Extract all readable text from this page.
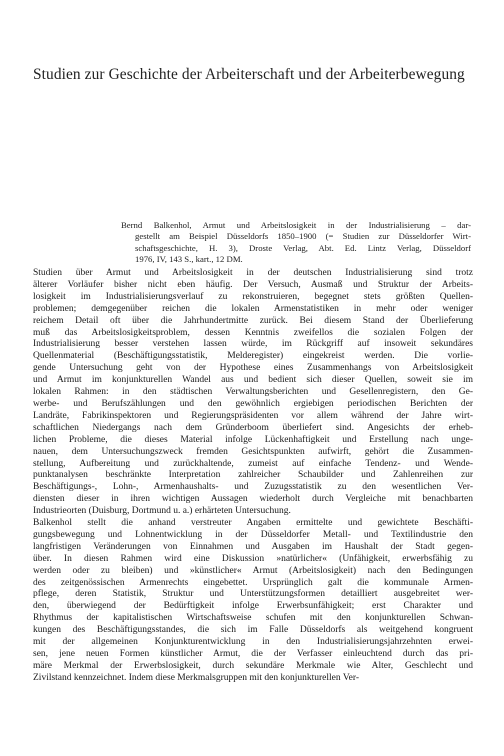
Studien zur Geschichte der Arbeiterschaft und der Arbeiterbewegung
Bernd Balkenhol, Armut und Arbeitslosigkeit in der Industrialisierung – dar-
gestellt am Beispiel Düsseldorfs 1850–1900 (= Studien zur Düsseldorfer Wirt-
schaftsgeschichte, H. 3), Droste Verlag, Abt. Ed. Lintz Verlag, Düsseldorf
1976, IV, 143 S., kart., 12 DM.
Studien über Armut und Arbeitslosigkeit in der deutschen Industrialisierung sind trotz
älterer Vorläufer bisher nicht eben häufig. Der Versuch, Ausmaß und Struktur der Arbeits-
losigkeit im Industrialisierungsverlauf zu rekonstruieren, begegnet stets größten Quellen-
problemen; demgegenüber reichen die lokalen Armenstatistiken in mehr oder weniger
reichem Detail oft über die Jahrhundertmitte zurück. Bei diesem Stand der Überlieferung
muß das Arbeitslosigkeitsproblem, dessen Kenntnis zweifellos die sozialen Folgen der
Industrialisierung besser verstehen lassen würde, im Rückgriff auf insoweit sekundäres
Quellenmaterial (Beschäftigungsstatistik, Melderegister) eingekreist werden. Die vorlie-
gende Untersuchung geht von der Hypothese eines Zusammenhangs von Arbeitslosigkeit
und Armut im konjunkturellen Wandel aus und bedient sich dieser Quellen, soweit sie im
lokalen Rahmen: in den städtischen Verwaltungsberichten und Gesellenregistern, den Ge-
werbe- und Berufszählungen und den gewöhnlich ergiebigen periodischen Berichten der
Landräte, Fabrikinspektoren und Regierungspräsidenten vor allem während der Jahre wirt-
schaftlichen Niedergangs nach dem Gründerboom überliefert sind. Angesichts der erheb-
lichen Probleme, die dieses Material infolge Lückenhaftigkeit und Erstellung nach unge-
nauen, dem Untersuchungszweck fremden Gesichtspunkten aufwirft, gehört die Zusammen-
stellung, Aufbereitung und zurückhaltende, zumeist auf einfache Tendenz- und Wende-
punktanalysen beschränkte Interpretation zahlreicher Schaubilder und Zahlenreihen zur
Beschäftigungs-, Lohn-, Armenhaushalts- und Zuzugsstatistik zu den wesentlichen Ver-
diensten dieser in ihren wichtigen Aussagen wiederholt durch Vergleiche mit benachbarten
Industrieorten (Duisburg, Dortmund u. a.) erhärteten Untersuchung.
Balkenhol stellt die anhand verstreuter Angaben ermittelte und gewichtete Beschäfti-
gungsbewegung und Lohnentwicklung in der Düsseldorfer Metall- und Textilindustrie den
langfristigen Veränderungen von Einnahmen und Ausgaben im Haushalt der Stadt gegen-
über. In diesen Rahmen wird eine Diskussion »natürlicher« (Unfähigkeit, erwerbsfähig zu
werden oder zu bleiben) und »künstlicher« Armut (Arbeitslosigkeit) nach den Bedingungen
des zeitgenössischen Armenrechts eingebettet. Ursprünglich galt die kommunale Armen-
pflege, deren Statistik, Struktur und Unterstützungsformen detailliert ausgebreitet wer-
den, überwiegend der Bedürftigkeit infolge Erwerbsunfähigkeit; erst Charakter und
Rhythmus der kapitalistischen Wirtschaftsweise schufen mit den konjunkturellen Schwan-
kungen des Beschäftigungsstandes, die sich im Falle Düsseldorfs als weitgehend kongruent
mit der allgemeinen Konjunkturentwicklung in den Industrialisierungsjahrzehnten erwei-
sen, jene neuen Formen künstlicher Armut, die der Verfasser einleuchtend durch das pri-
märe Merkmal der Erwerbslosigkeit, durch sekundäre Merkmale wie Alter, Geschlecht und
Zivilstand kennzeichnet. Indem diese Merkmalsgruppen mit den konjunkturellen Ver-
